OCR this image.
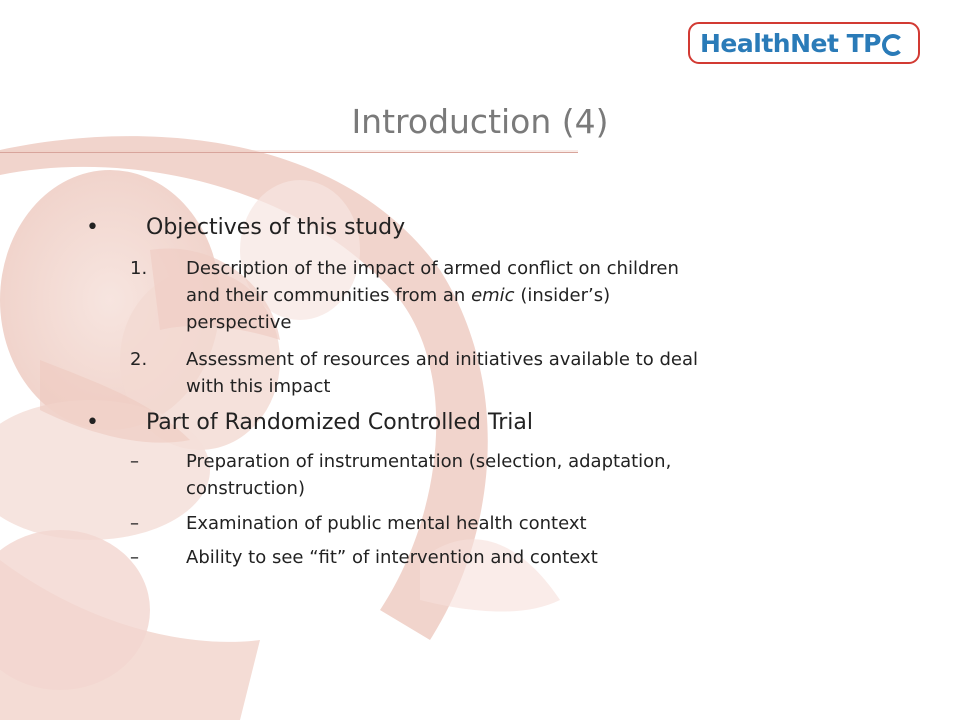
HealthNet TP
Introduction (4)
• Objectives of this study
1. Description of the impact of armed conflict on children
and their communities from an emic (insider’s)
perspective
2. Assessment of resources and initiatives available to deal
with this impact
• Part of Randomized Controlled Trial
–	Preparation of instrumentation (selection, adaptation,
construction)
–	Examination of public mental health context
–	Ability to see “fit” of intervention and context
